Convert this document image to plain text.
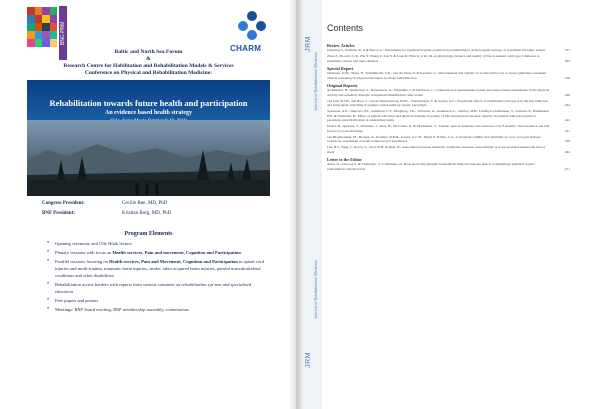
BNC-PRM
CHARM
Baltic and North Sea Forum
&
Research Centre for Habilitation and Rehabilitation Models & Services
Conference on Physical and Rehabilitation Medicine:
Rehabilitation towards future health and participation
An evidence based health strategy
Congress President:	Cecilie Røe, MD, PhD
BNF President:	Kristian Borg, MD, PhD
Program Elements
• Opening ceremony and Olle Höök lecture
• Plenary sessions with focus on Health services, Pain and movement, Cognition and Participation.
• Parallel sessions focusing on Health services, Pain and Movement, Cognition and Participation in spinal cord injuries and multi-trauma, traumatic brain injuries, stroke, other acquired brain injuries, painful musculoskeletal conditions and other disabilities.
• Rehabilitation across borders with reports from various countries on rehabilitation sys-tem and specialized education.
• Free papers and posters
• Meetings: BNF board meeting, BNF membership assembly, commissions.
JRM
Journal of Rehabilitation Medicine
Journal of Rehabilitation Medicine
JRM
Contents
Review Articles
Gutiérrez S, Grimmer K, A & Barros G : Instruments for inpatient hospital-acquired deconditioning in acute hospital settings: A systematic literature review	357
Zhou Z, Zhou R, Li K, Zhu Y, Zhang Z, Luo Y & Luan R: Effects of tai chi on physiology, balance and quality of life in patients with type 2 diabetes: A systematic review and meta-analysis	405
Special Report
Ottiniano, N.M., Maas, H., Schimmedel, S.K., van der Wees, P. & Keasbel, G.: Development and validity of an innovative test to assess guideline-consistent clinical reasoning by physical therapists in stroke rehabilita-tion	418
Original Reports
Al-Murjebi, H., Anderssen, S., Dannelsson, A., Wijesinhe, I. & Olofsson, C.: Comparison of questionnaire-based and sensor-based assessments of the physical activity and sedentary lifestyle in inpatient rehabilitation after stroke	426
van Lith, B.J.H., den Boer, J., van de Nieuwenborg, B.P.C., Weerdesteyn, V. & Geurts, A.C.: Functional effects of botulinum toxin type A in the hip adductors and subsequent stretching in patients with hereditary spastic paraplegia	434
Svensson, A.K., Dencrert, P.T., Asmaltan, C.T., Hoegberg, T.K., Verbruck, A., Andersson, L., Settnay, M.B., Lundbye-Christensen, S., Laursen, P., Rasmussen, H.F. & Nelleman, B.: Effect of patient education and physical training on quality of life and physical exercise capacity in patients with paroxysmal or persistent atrial fibrillation: A randomized study	442
Dreier, H., Quaeine, T., McPeake, J., Skoe, H., McCullen, K. & Mackenzie, S.: Chronic pain in intensive care survivors over 8 months: characteristics and risk factors for post-discharge	451
van Bloemendaal, M., Bosuen, A., Kroimer, R.F.M., Geurts, A.C.H., Nuhil, F. & Bus, S.A.: Concurrent validity and reliability of a low-cost gait analysis system for assessment of spatio-temporal gait parameters	456
Lee, B.J., Yang, J., Kwon, S., Choi, K.H. & Kim, W.: Association between metabolic syndrome and knee osteoarthritis: A cross-sectional nationwide survey study	464
Letter to the Editor
Allen, R., Atwood, S. & Chatterjee, S.: Comments on: Does electromyographic biofeedback improve exercise effects in hemiplegic patients? A pilot randomized controlled trial	471
